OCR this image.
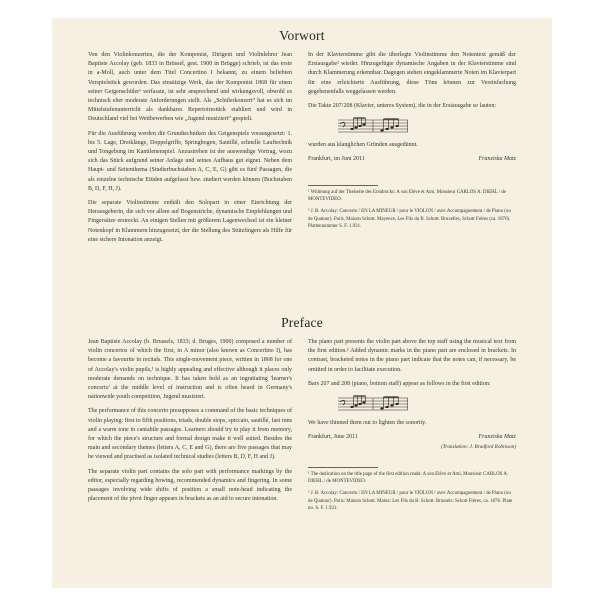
Vorwort

Von den Violinkonzerten, die der Komponist, Dirigent und Violinlehrer Jean Baptiste Accolay (geb. 1833 in Brüssel, gest. 1900 in Brügge) schrieb, ist das erste in a-Moll, auch unter dem Titel Concertino I bekannt, zu einem beliebten Vorspielstück geworden. Das einsätzige Werk, das der Komponist 1868 für einen seiner Geigenschüler¹ verfasste, ist sehr ansprechend und wirkungsvoll, obwohl es technisch eher moderate Anforderungen stellt. Als „Schülerkonzert“ hat es sich im Mittelstufenunterricht als dankbares Repertoirestück etabliert und wird in Deutschland viel bei Wettbewerben wie „Jugend musiziert“ gespielt.

Für die Ausführung werden die Grundtechniken des Geigenspiels vorausgesetzt: 1. bis 5. Lage, Dreiklänge, Doppelgriffe, Springbogen, Sautillé, schnelle Lauftechnik und Tongebung im Kantilenenspiel. Anzustreben ist der auswendige Vortrag, wozu sich das Stück aufgrund seiner Anlage und seines Aufbaus gut eignet. Neben dem Haupt- und Seitenthema (Studierbuchstaben A, C, E, G) gibt es fünf Passagen, die als einzelne technische Etüden aufgefasst bzw. studiert werden können (Buchstaben B, D, F, H, J).

Die separate Violinstimme enthält den Solopart in einer Einrichtung der Herausgeberin, die sich vor allem auf Bogenstriche, dynamische Empfehlungen und Fingersätze erstreckt. An einigen Stellen mit größerem Lagenwechsel ist ein kleiner Notenkopf in Klammern hinzugesetzt, der die Stellung des Stützfingers als Hilfe für eine sichere Intonation anzeigt.

In der Klavierstimme gibt die überlegte Violinstimme den Notentext gemäß der Erstausgabe² wieder. Hinzugefügte dynamische Angaben in der Klavierstimme sind durch Klammerung erkennbar. Dagegen stehen eingeklammerte Noten im Klavierpart für eine erleichterte Ausführung, diese Töne können zur Vereinfachung gegebenenfalls weggelassen werden.

Die Takte 207/208 (Klavier, unteres System), die in der Erstausgabe so lauten:

wurden aus klanglichen Gründen ausgedünnt.

Frankfurt, im Juni 2011	Franziska Matz

¹ Widmung auf der Titelseite des Erstdrucks: A son Elève et Ami, Monsieur CARLOS A. DIEHL / de MONTEVIDEO.

² J. B. Accolay: Concerto / EN LA MINEUR / pour le VIOLON / avec Accompagnement / de Piano (ou de Quatuor). Paris, Maison Schott. Mayence, Les Fils du B. Schott. Bruxelles, Schott Frères (ca. 1876). Plattennummer S. F. 1.931.

Preface

Jean Baptiste Accolay (b. Brussels, 1833; d. Bruges, 1900) composed a number of violin concertos of which the first, in A minor (also known as Concertino I), has become a favourite in recitals. This single-movement piece, written in 1868 for one of Accolay's violin pupils,¹ is highly appealing and effective although it places only moderate demands on technique. It has taken hold as an ingratiating 'learner's concerto' at the middle level of instruction and is often heard in Germany's nationwide youth competition, Jugend musiziert.

The performance of this concerto presupposes a command of the basic techniques of violin playing: first to fifth positions, triads, double stops, spiccato, sautillé, fast runs and a warm tone in cantabile passages. Learners should try to play it from memory, for which the piece's structure and formal design make it well suited. Besides the main and secondary themes (letters A, C, E and G), there are five passages that may be viewed and practised as isolated technical studies (letters B, D, F, H and J).

The separate violin part contains the solo part with performance markings by the editor, especially regarding bowing, recommended dynamics and fingering. In some passages involving wide shifts of position a small note-head indicating the placement of the pivot finger appears in brackets as an aid to secure intonation.

The piano part presents the violin part above the top staff using the musical text from the first edition.² Added dynamic marks in the piano part are enclosed in brackets. In contrast, bracketed notes in the piano part indicate that the notes can, if necessary, be omitted in order to facilitate execution.

Bars 207 and 208 (piano, bottom staff) appear as follows in the first edition:

We have thinned them out to lighten the sonority.

Frankfurt, June 2011	Franziska Matz
(Translation: J. Bradford Robinson)

¹ The dedication on the title page of the first edition reads: A son Elève et Ami, Monsieur CARLOS A. DIEHL / de MONTEVIDEO.

² J. B. Accolay: Concerto / EN LA MINEUR / pour le VIOLON / avec Accompagnement / de Piano (ou de Quatuor). Paris: Maison Schott. Mainz: Les Fils du B. Schott. Brussels: Schott Frères, ca. 1876. Plate no. S. F. 1.931.
